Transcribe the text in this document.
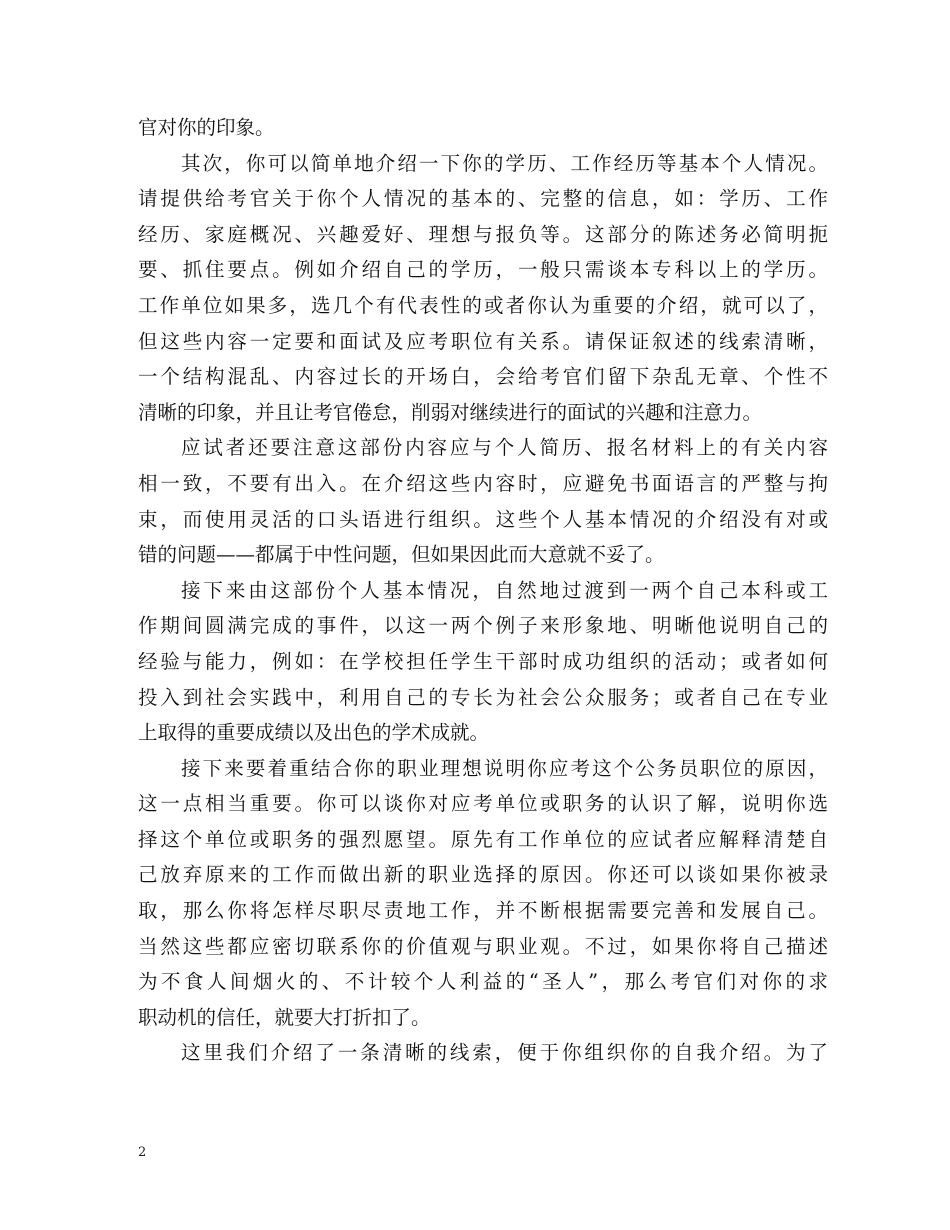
官对你的印象。
其次，你可以简单地介绍一下你的学历、工作经历等基本个人情况。
请提供给考官关于你个人情况的基本的、完整的信息，如：学历、工作
经历、家庭概况、兴趣爱好、理想与报负等。这部分的陈述务必简明扼
要、抓住要点。例如介绍自己的学历，一般只需谈本专科以上的学历。
工作单位如果多，选几个有代表性的或者你认为重要的介绍，就可以了，
但这些内容一定要和面试及应考职位有关系。请保证叙述的线索清晰，
一个结构混乱、内容过长的开场白，会给考官们留下杂乱无章、个性不
清晰的印象，并且让考官倦怠，削弱对继续进行的面试的兴趣和注意力。
应试者还要注意这部份内容应与个人简历、报名材料上的有关内容
相一致，不要有出入。在介绍这些内容时，应避免书面语言的严整与拘
束，而使用灵活的口头语进行组织。这些个人基本情况的介绍没有对或
错的问题——都属于中性问题，但如果因此而大意就不妥了。
接下来由这部份个人基本情况，自然地过渡到一两个自己本科或工
作期间圆满完成的事件，以这一两个例子来形象地、明晰他说明自己的
经验与能力，例如：在学校担任学生干部时成功组织的活动；或者如何
投入到社会实践中，利用自己的专长为社会公众服务；或者自己在专业
上取得的重要成绩以及出色的学术成就。
接下来要着重结合你的职业理想说明你应考这个公务员职位的原因，
这一点相当重要。你可以谈你对应考单位或职务的认识了解，说明你选
择这个单位或职务的强烈愿望。原先有工作单位的应试者应解释清楚自
己放弃原来的工作而做出新的职业选择的原因。你还可以谈如果你被录
取，那么你将怎样尽职尽责地工作，并不断根据需要完善和发展自己。
当然这些都应密切联系你的价值观与职业观。不过，如果你将自己描述
为不食人间烟火的、不计较个人利益的“圣人”，那么考官们对你的求
职动机的信任，就要大打折扣了。
这里我们介绍了一条清晰的线索，便于你组织你的自我介绍。为了
2
